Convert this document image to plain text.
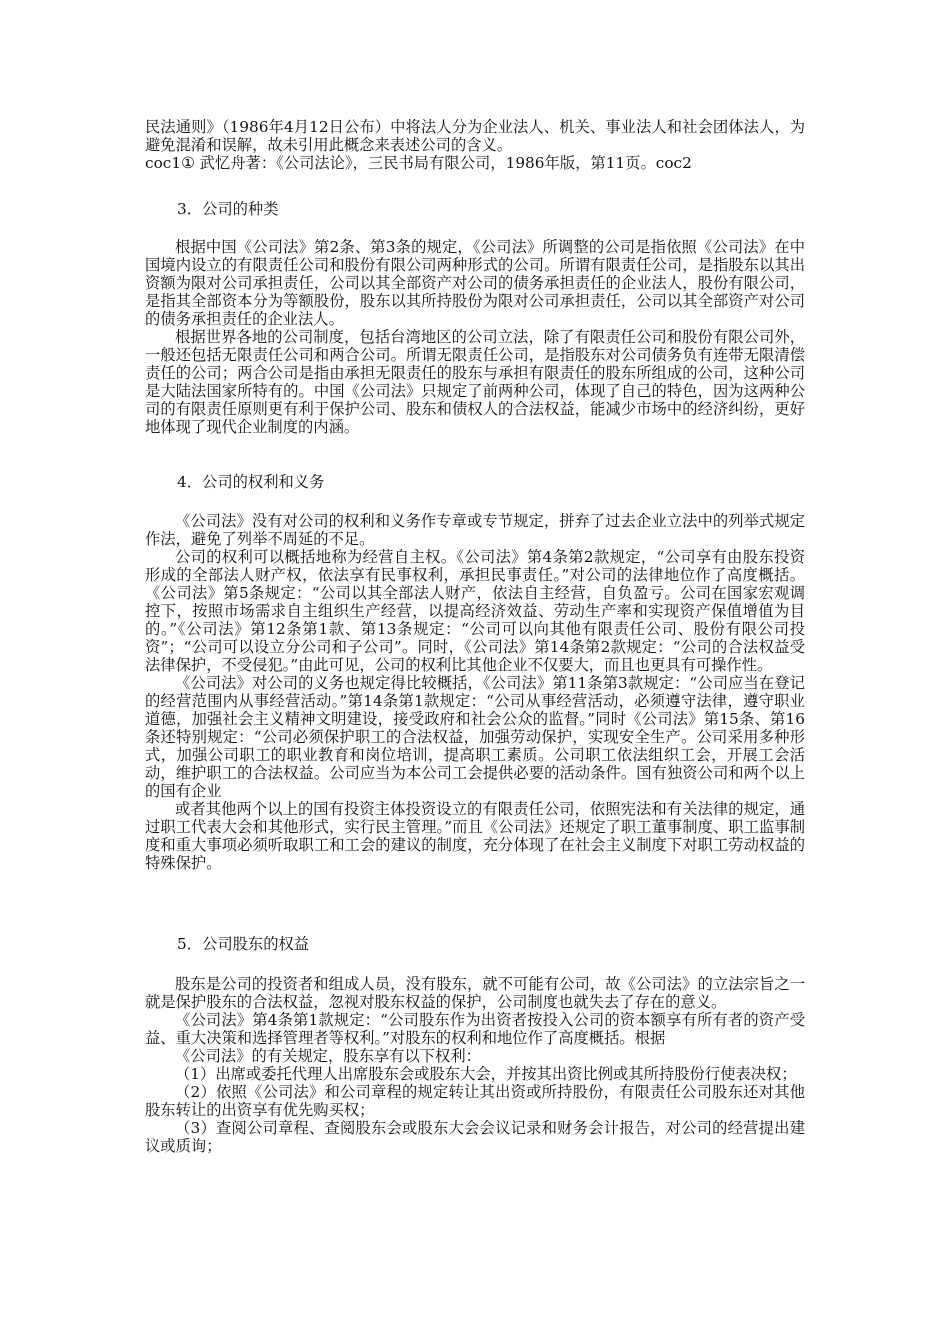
民法通则》（1986年4月12日公布）中将法人分为企业法人、机关、事业法人和社会团体法人，为避免混淆和误解，故未引用此概念来表述公司的含义。

coc1① 武忆舟著：《公司法论》，三民书局有限公司，1986年版，第11页。coc2

3．公司的种类

根据中国《公司法》第2条、第3条的规定，《公司法》所调整的公司是指依照《公司法》在中国境内设立的有限责任公司和股份有限公司两种形式的公司。所谓有限责任公司，是指股东以其出资额为限对公司承担责任，公司以其全部资产对公司的债务承担责任的企业法人，股份有限公司，是指其全部资本分为等额股份，股东以其所持股份为限对公司承担责任，公司以其全部资产对公司的债务承担责任的企业法人。

根据世界各地的公司制度，包括台湾地区的公司立法，除了有限责任公司和股份有限公司外，一般还包括无限责任公司和两合公司。所谓无限责任公司，是指股东对公司债务负有连带无限清偿责任的公司；两合公司是指由承担无限责任的股东与承担有限责任的股东所组成的公司，这种公司是大陆法国家所特有的。中国《公司法》只规定了前两种公司，体现了自己的特色，因为这两种公司的有限责任原则更有利于保护公司、股东和债权人的合法权益，能减少市场中的经济纠纷，更好地体现了现代企业制度的内涵。

4．公司的权利和义务

《公司法》没有对公司的权利和义务作专章或专节规定，拼弃了过去企业立法中的列举式规定作法，避免了列举不周延的不足。

公司的权利可以概括地称为经营自主权。《公司法》第4条第2款规定，“公司享有由股东投资形成的全部法人财产权，依法享有民事权利，承担民事责任。”对公司的法律地位作了高度概括。《公司法》第5条规定：“公司以其全部法人财产，依法自主经营，自负盈亏。公司在国家宏观调控下，按照市场需求自主组织生产经营，以提高经济效益、劳动生产率和实现资产保值增值为目的。”《公司法》第12条第1款、第13条规定：“公司可以向其他有限责任公司、股份有限公司投资”；“公司可以设立分公司和子公司”。同时，《公司法》第14条第2款规定：“公司的合法权益受法律保护，不受侵犯。”由此可见，公司的权利比其他企业不仅要大，而且也更具有可操作性。

《公司法》对公司的义务也规定得比较概括，《公司法》第11条第3款规定：“公司应当在登记的经营范围内从事经营活动。”第14条第1款规定：“公司从事经营活动，必须遵守法律，遵守职业道德，加强社会主义精神文明建设，接受政府和社会公众的监督。”同时《公司法》第15条、第16条还特别规定：“公司必须保护职工的合法权益，加强劳动保护，实现安全生产。公司采用多种形式，加强公司职工的职业教育和岗位培训，提高职工素质。公司职工依法组织工会，开展工会活动，维护职工的合法权益。公司应当为本公司工会提供必要的活动条件。国有独资公司和两个以上的国有企业

或者其他两个以上的国有投资主体投资设立的有限责任公司，依照宪法和有关法律的规定，通过职工代表大会和其他形式，实行民主管理。”而且《公司法》还规定了职工董事制度、职工监事制度和重大事项必须听取职工和工会的建议的制度，充分体现了在社会主义制度下对职工劳动权益的特殊保护。

5．公司股东的权益

股东是公司的投资者和组成人员，没有股东，就不可能有公司，故《公司法》的立法宗旨之一就是保护股东的合法权益，忽视对股东权益的保护，公司制度也就失去了存在的意义。

《公司法》第4条第1款规定：“公司股东作为出资者按投入公司的资本额享有所有者的资产受益、重大决策和选择管理者等权利。”对股东的权利和地位作了高度概括。根据

《公司法》的有关规定，股东享有以下权利：

（1）出席或委托代理人出席股东会或股东大会，并按其出资比例或其所持股份行使表决权；

（2）依照《公司法》和公司章程的规定转让其出资或所持股份，有限责任公司股东还对其他股东转让的出资享有优先购买权；

（3）查阅公司章程、查阅股东会或股东大会会议记录和财务会计报告，对公司的经营提出建议或质询；
